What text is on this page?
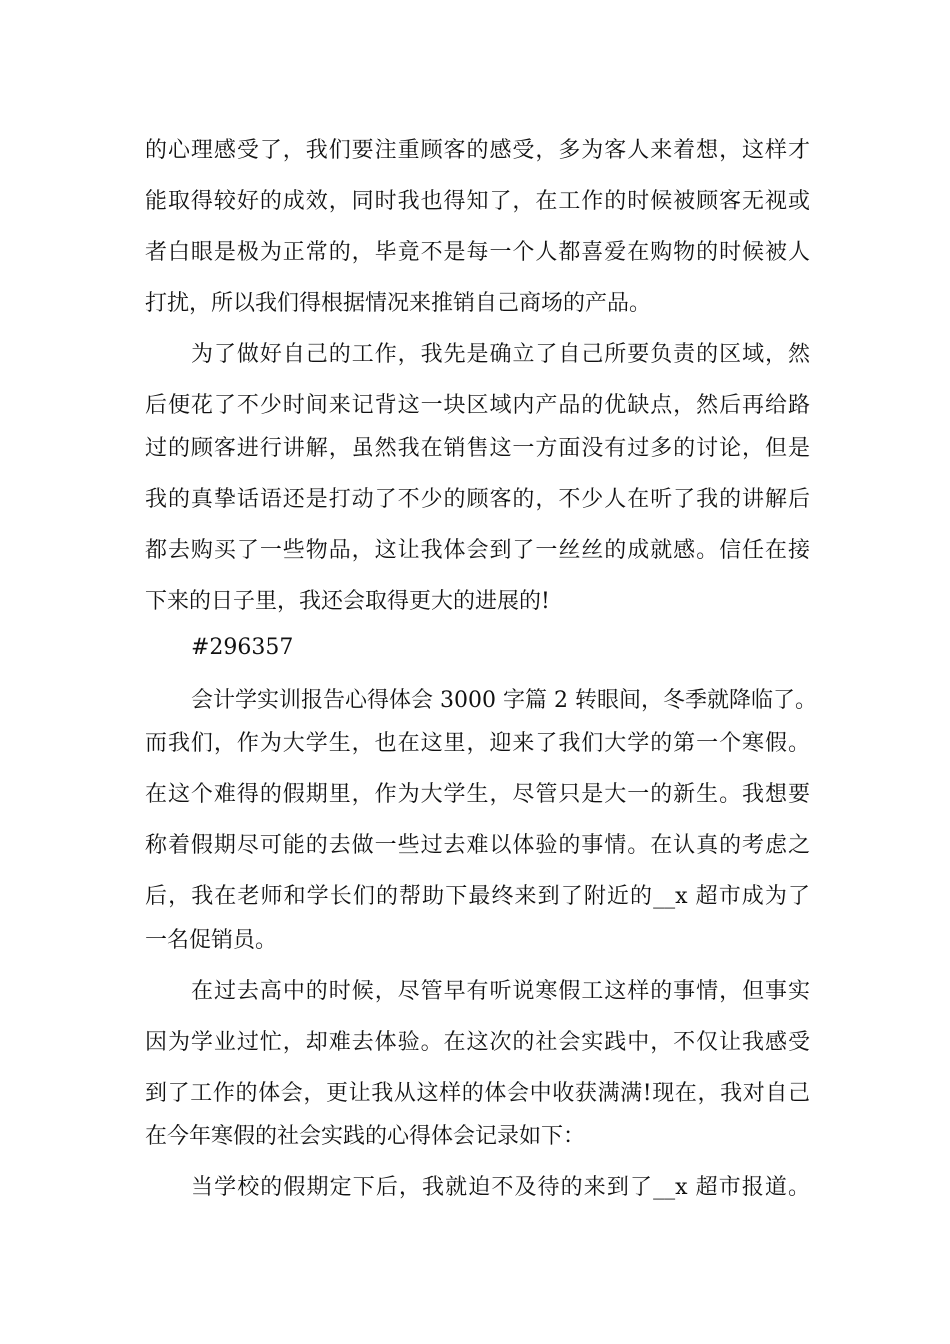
的心理感受了，我们要注重顾客的感受，多为客人来着想，这样才
能取得较好的成效，同时我也得知了，在工作的时候被顾客无视或
者白眼是极为正常的，毕竟不是每一个人都喜爱在购物的时候被人
打扰，所以我们得根据情况来推销自己商场的产品。
为了做好自己的工作，我先是确立了自己所要负责的区域，然
后便花了不少时间来记背这一块区域内产品的优缺点，然后再给路
过的顾客进行讲解，虽然我在销售这一方面没有过多的讨论，但是
我的真挚话语还是打动了不少的顾客的，不少人在听了我的讲解后
都去购买了一些物品，这让我体会到了一丝丝的成就感。信任在接
下来的日子里，我还会取得更大的进展的!
#296357
会计学实训报告心得体会 3000 字篇 2 转眼间，冬季就降临了。
而我们，作为大学生，也在这里，迎来了我们大学的第一个寒假。
在这个难得的假期里，作为大学生，尽管只是大一的新生。我想要
称着假期尽可能的去做一些过去难以体验的事情。在认真的考虑之
后，我在老师和学长们的帮助下最终来到了附近的__x 超市成为了
一名促销员。
在过去高中的时候，尽管早有听说寒假工这样的事情，但事实
因为学业过忙，却难去体验。在这次的社会实践中，不仅让我感受
到了工作的体会，更让我从这样的体会中收获满满!现在，我对自己
在今年寒假的社会实践的心得体会记录如下：
当学校的假期定下后，我就迫不及待的来到了__x 超市报道。
